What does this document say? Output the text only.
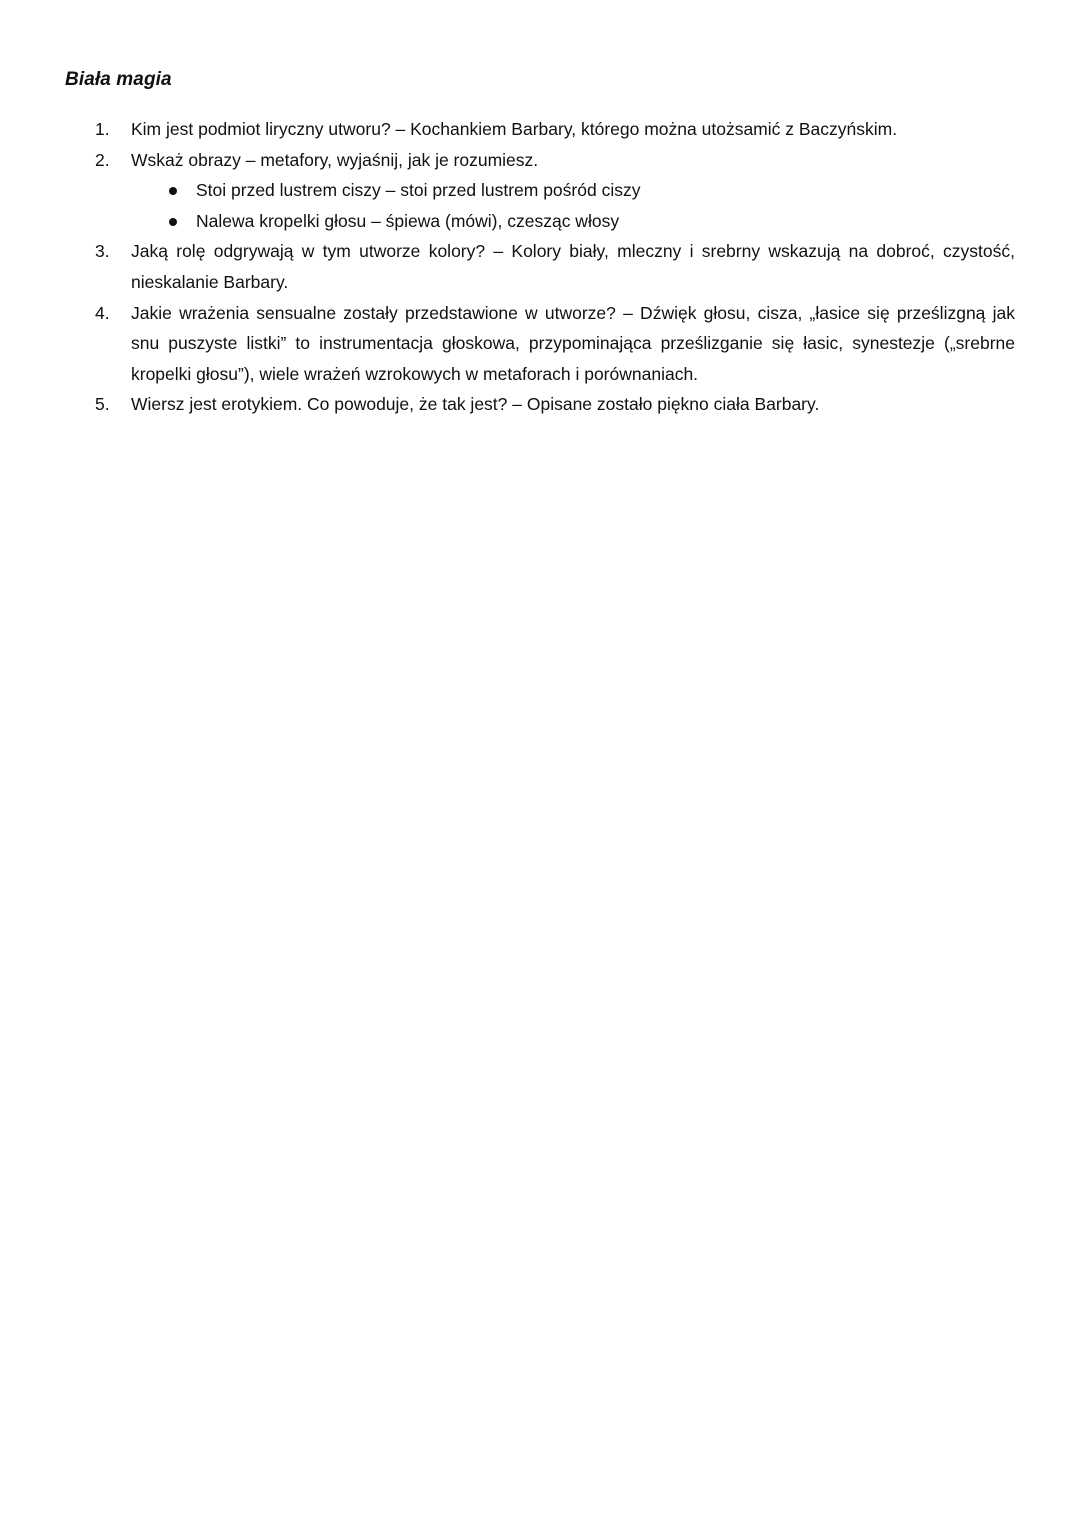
Biała magia
1.	Kim jest podmiot liryczny utworu? – Kochankiem Barbary, którego można utożsamić z Baczyńskim.
2.	Wskaż obrazy – metafory, wyjaśnij, jak je rozumiesz.
Stoi przed lustrem ciszy – stoi przed lustrem pośród ciszy
Nalewa kropelki głosu – śpiewa (mówi), czesząc włosy
3.	Jaką rolę odgrywają w tym utworze kolory? – Kolory biały, mleczny i srebrny wskazują na dobroć, czystość, nieskalanie Barbary.
4.	Jakie wrażenia sensualne zostały przedstawione w utworze? – Dźwięk głosu, cisza, „łasice się prześlizgną jak snu puszyste listki” to instrumentacja głoskowa, przypominająca prześlizganie się łasic, synestezje („srebrne kropelki głosu”), wiele wrażeń wzrokowych w metaforach i porównaniach.
5.	Wiersz jest erotykiem. Co powoduje, że tak jest? – Opisane zostało piękno ciała Barbary.
